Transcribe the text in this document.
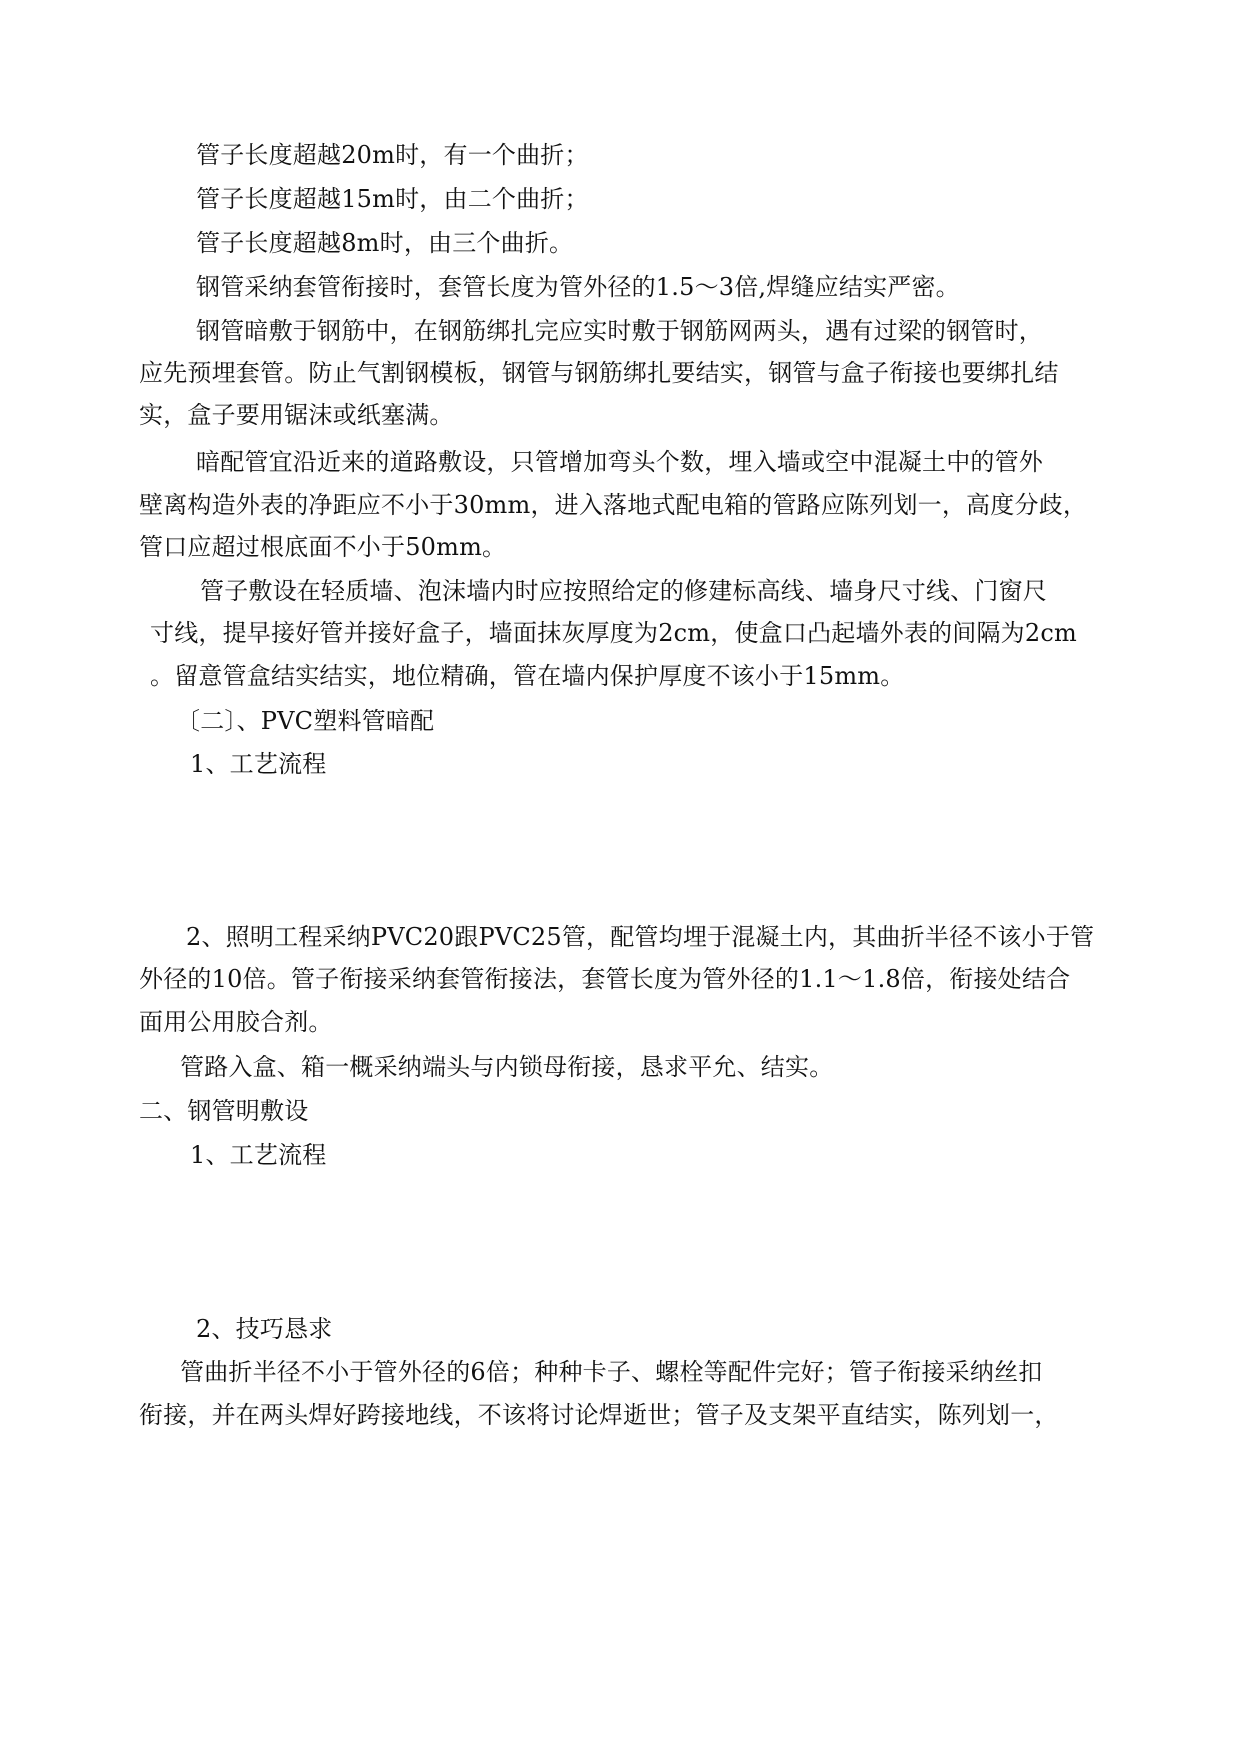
管子长度超越20m时，有一个曲折；
管子长度超越15m时，由二个曲折；
管子长度超越8m时，由三个曲折。
钢管采纳套管衔接时，套管长度为管外径的1.5～3倍,焊缝应结实严密。
钢管暗敷于钢筋中，在钢筋绑扎完应实时敷于钢筋网两头，遇有过梁的钢管时，
应先预埋套管。防止气割钢模板，钢管与钢筋绑扎要结实，钢管与盒子衔接也要绑扎结
实，盒子要用锯沫或纸塞满。
暗配管宜沿近来的道路敷设，只管增加弯头个数，埋入墙或空中混凝土中的管外
壁离构造外表的净距应不小于30mm，进入落地式配电箱的管路应陈列划一，高度分歧，
管口应超过根底面不小于50mm。
管子敷设在轻质墙、泡沫墙内时应按照给定的修建标高线、墙身尺寸线、门窗尺
寸线，提早接好管并接好盒子，墙面抹灰厚度为2cm，使盒口凸起墙外表的间隔为2cm
。留意管盒结实结实，地位精确，管在墙内保护厚度不该小于15mm。
〔二〕、PVC塑料管暗配
1、工艺流程
2、照明工程采纳PVC20跟PVC25管，配管均埋于混凝土内，其曲折半径不该小于管
外径的10倍。管子衔接采纳套管衔接法，套管长度为管外径的1.1～1.8倍，衔接处结合
面用公用胶合剂。
管路入盒、箱一概采纳端头与内锁母衔接，恳求平允、结实。
二、钢管明敷设
1、工艺流程
2、技巧恳求
管曲折半径不小于管外径的6倍；种种卡子、螺栓等配件完好；管子衔接采纳丝扣
衔接，并在两头焊好跨接地线，不该将讨论焊逝世；管子及支架平直结实，陈列划一，
